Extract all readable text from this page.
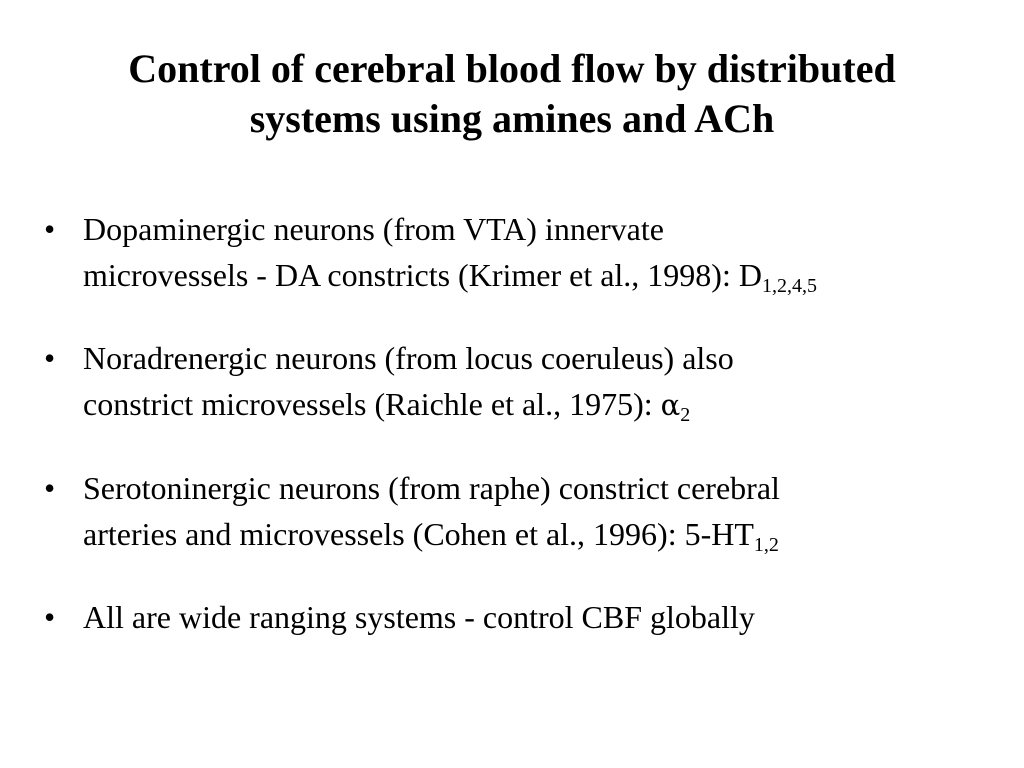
Control of cerebral blood flow by distributed
systems using amines and ACh
• Dopaminergic neurons (from VTA) innervate
microvessels - DA constricts (Krimer et al., 1998): $D_{1,2,4,5}$
• Noradrenergic neurons (from locus coeruleus) also
constrict microvessels (Raichle et al., 1975): $\alpha_2$
• Serotoninergic neurons (from raphe) constrict cerebral
arteries and microvessels (Cohen et al., 1996): $5-HT_{1,2}$
• All are wide ranging systems - control CBF globally
